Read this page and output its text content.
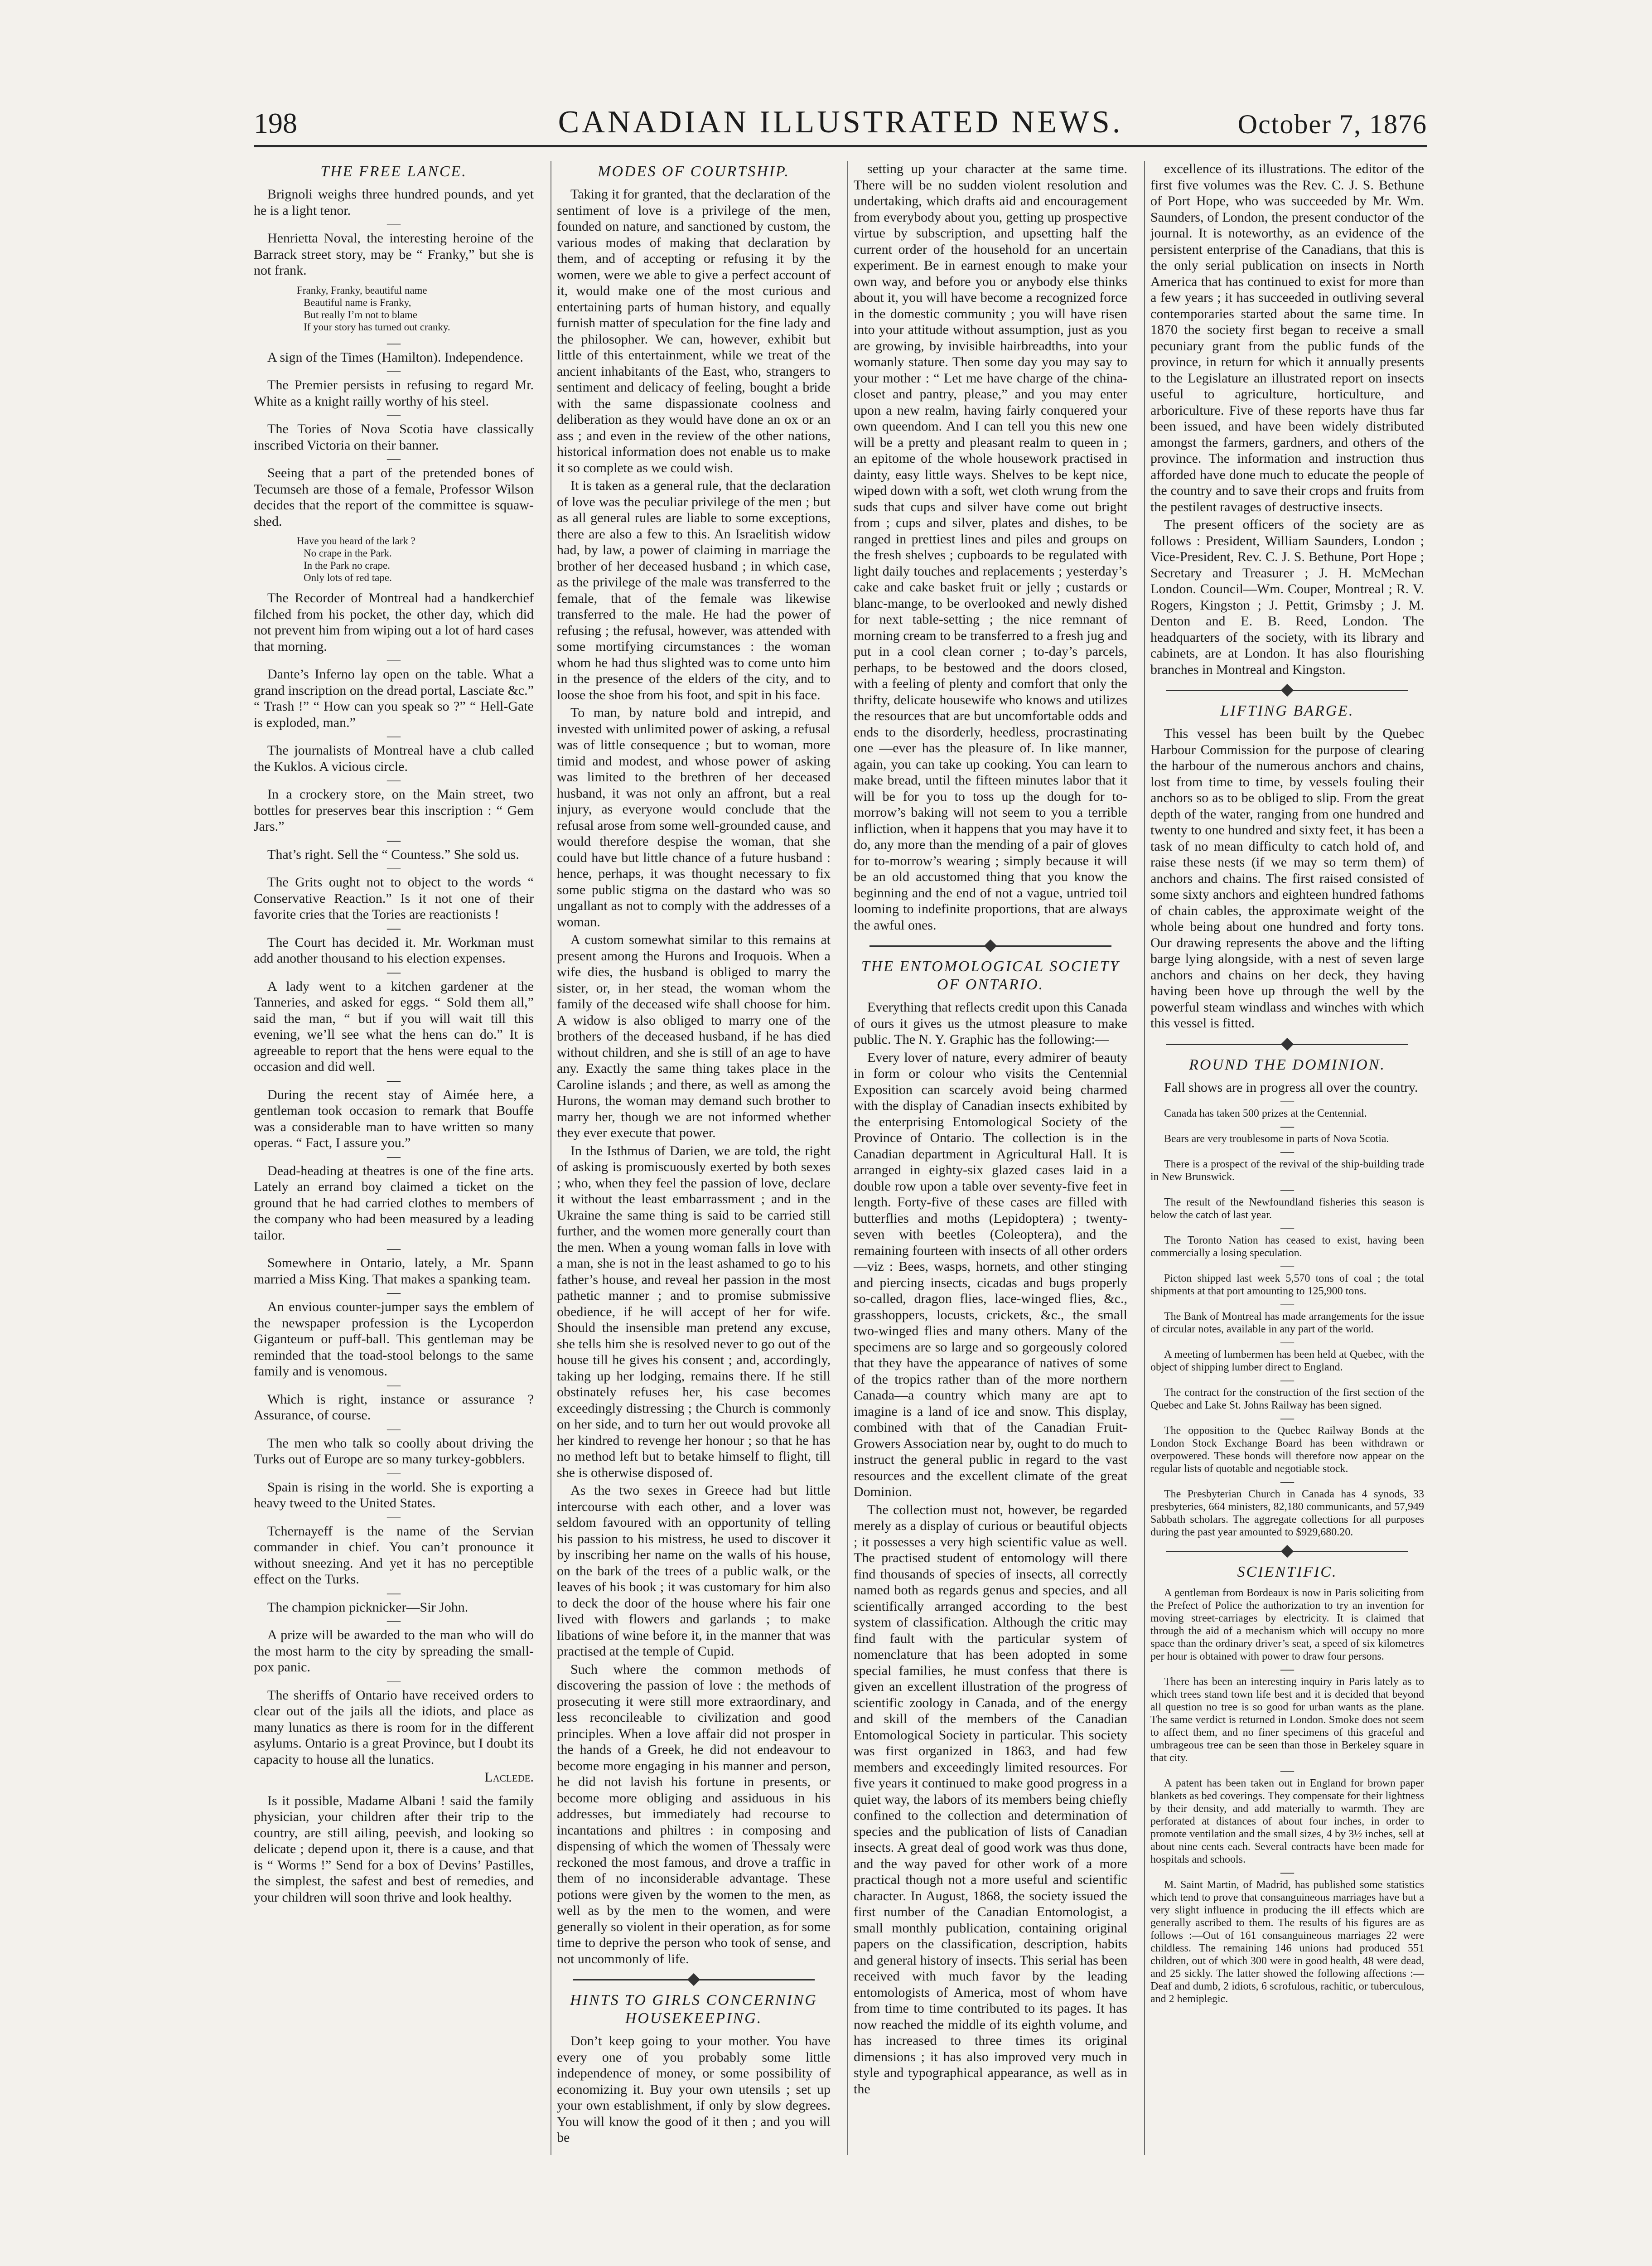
198	CANADIAN ILLUSTRATED NEWS.	October 7, 1876
THE FREE LANCE.

Brignoli weighs three hundred pounds, and yet he is a light tenor.

—

Henrietta Noval, the interesting heroine of the Barrack street story, may be “ Franky,” but she is not frank.

Franky, Franky, beautiful name
Beautiful name is Franky,
But really I’m not to blame
If your story has turned out cranky.
—

A sign of the Times (Hamilton). Independence.

—

The Premier persists in refusing to regard Mr. White as a knight railly worthy of his steel.

—

The Tories of Nova Scotia have classically inscribed Victoria on their banner.

—

Seeing that a part of the pretended bones of Tecumseh are those of a female, Professor Wilson decides that the report of the committee is squaw-shed.

Have you heard of the lark ?
No crape in the Park.
In the Park no crape.
Only lots of red tape.

The Recorder of Montreal had a handkerchief filched from his pocket, the other day, which did not prevent him from wiping out a lot of hard cases that morning.

—

Dante’s Inferno lay open on the table. What a grand inscription on the dread portal, Lasciate &c.” “ Trash !” “ How can you speak so ?” “ Hell-Gate is exploded, man.”

—

The journalists of Montreal have a club called the Kuklos. A vicious circle.

—

In a crockery store, on the Main street, two bottles for preserves bear this inscription : “ Gem Jars.”

—

That’s right. Sell the “ Countess.” She sold us.

—

The Grits ought not to object to the words “ Conservative Reaction.” Is it not one of their favorite cries that the Tories are reactionists !

—

The Court has decided it. Mr. Workman must add another thousand to his election expenses.

—

A lady went to a kitchen gardener at the Tanneries, and asked for eggs. “ Sold them all,” said the man, “ but if you will wait till this evening, we’ll see what the hens can do.” It is agreeable to report that the hens were equal to the occasion and did well.

—

During the recent stay of Aimée here, a gentleman took occasion to remark that Bouffe was a considerable man to have written so many operas. “ Fact, I assure you.”

—

Dead-heading at theatres is one of the fine arts. Lately an errand boy claimed a ticket on the ground that he had carried clothes to members of the company who had been measured by a leading tailor.

—

Somewhere in Ontario, lately, a Mr. Spann married a Miss King. That makes a spanking team.

—

An envious counter-jumper says the emblem of the newspaper profession is the Lycoperdon Giganteum or puff-ball. This gentleman may be reminded that the toad-stool belongs to the same family and is venomous.

—

Which is right, instance or assurance ? Assurance, of course.

—

The men who talk so coolly about driving the Turks out of Europe are so many turkey-gobblers.

—

Spain is rising in the world. She is exporting a heavy tweed to the United States.

—

Tchernayeff is the name of the Servian commander in chief. You can’t pronounce it without sneezing. And yet it has no perceptible effect on the Turks.

—

The champion picknicker—Sir John.

—

A prize will be awarded to the man who will do the most harm to the city by spreading the small-pox panic.

—

The sheriffs of Ontario have received orders to clear out of the jails all the idiots, and place as many lunatics as there is room for in the different asylums. Ontario is a great Province, but I doubt its capacity to house all the lunatics.

Laclede.

Is it possible, Madame Albani ! said the family physician, your children after their trip to the country, are still ailing, peevish, and looking so delicate ; depend upon it, there is a cause, and that is “ Worms !” Send for a box of Devins’ Pastilles, the simplest, the safest and best of remedies, and your children will soon thrive and look healthy.

MODES OF COURTSHIP.

Taking it for granted, that the declaration of the sentiment of love is a privilege of the men, founded on nature, and sanctioned by custom, the various modes of making that declaration by them, and of accepting or refusing it by the women, were we able to give a perfect account of it, would make one of the most curious and entertaining parts of human history, and equally furnish matter of speculation for the fine lady and the philosopher. We can, however, exhibit but little of this entertainment, while we treat of the ancient inhabitants of the East, who, strangers to sentiment and delicacy of feeling, bought a bride with the same dispassionate coolness and deliberation as they would have done an ox or an ass ; and even in the review of the other nations, historical information does not enable us to make it so complete as we could wish.

It is taken as a general rule, that the declaration of love was the peculiar privilege of the men ; but as all general rules are liable to some exceptions, there are also a few to this. An Israelitish widow had, by law, a power of claiming in marriage the brother of her deceased husband ; in which case, as the privilege of the male was transferred to the female, that of the female was likewise transferred to the male. He had the power of refusing ; the refusal, however, was attended with some mortifying circumstances : the woman whom he had thus slighted was to come unto him in the presence of the elders of the city, and to loose the shoe from his foot, and spit in his face.

To man, by nature bold and intrepid, and invested with unlimited power of asking, a refusal was of little consequence ; but to woman, more timid and modest, and whose power of asking was limited to the brethren of her deceased husband, it was not only an affront, but a real injury, as everyone would conclude that the refusal arose from some well-grounded cause, and would therefore despise the woman, that she could have but little chance of a future husband : hence, perhaps, it was thought necessary to fix some public stigma on the dastard who was so ungallant as not to comply with the addresses of a woman.

A custom somewhat similar to this remains at present among the Hurons and Iroquois. When a wife dies, the husband is obliged to marry the sister, or, in her stead, the woman whom the family of the deceased wife shall choose for him. A widow is also obliged to marry one of the brothers of the deceased husband, if he has died without children, and she is still of an age to have any. Exactly the same thing takes place in the Caroline islands ; and there, as well as among the Hurons, the woman may demand such brother to marry her, though we are not informed whether they ever execute that power.

In the Isthmus of Darien, we are told, the right of asking is promiscuously exerted by both sexes ; who, when they feel the passion of love, declare it without the least embarrassment ; and in the Ukraine the same thing is said to be carried still further, and the women more generally court than the men. When a young woman falls in love with a man, she is not in the least ashamed to go to his father’s house, and reveal her passion in the most pathetic manner ; and to promise submissive obedience, if he will accept of her for wife. Should the insensible man pretend any excuse, she tells him she is resolved never to go out of the house till he gives his consent ; and, accordingly, taking up her lodging, remains there. If he still obstinately refuses her, his case becomes exceedingly distressing ; the Church is commonly on her side, and to turn her out would provoke all her kindred to revenge her honour ; so that he has no method left but to betake himself to flight, till she is otherwise disposed of.

As the two sexes in Greece had but little intercourse with each other, and a lover was seldom favoured with an opportunity of telling his passion to his mistress, he used to discover it by inscribing her name on the walls of his house, on the bark of the trees of a public walk, or the leaves of his book ; it was customary for him also to deck the door of the house where his fair one lived with flowers and garlands ; to make libations of wine before it, in the manner that was practised at the temple of Cupid.

Such where the common methods of discovering the passion of love : the methods of prosecuting it were still more extraordinary, and less reconcileable to civilization and good principles. When a love affair did not prosper in the hands of a Greek, he did not endeavour to become more engaging in his manner and person, he did not lavish his fortune in presents, or become more obliging and assiduous in his addresses, but immediately had recourse to incantations and philtres : in composing and dispensing of which the women of Thessaly were reckoned the most famous, and drove a traffic in them of no inconsiderable advantage. These potions were given by the women to the men, as well as by the men to the women, and were generally so violent in their operation, as for some time to deprive the person who took of sense, and not uncommonly of life.

HINTS TO GIRLS CONCERNING HOUSEKEEPING.

Don’t keep going to your mother. You have every one of you probably some little independence of money, or some possibility of economizing it. Buy your own utensils ; set up your own establishment, if only by slow degrees. You will know the good of it then ; and you will be

setting up your character at the same time. There will be no sudden violent resolution and undertaking, which drafts aid and encouragement from everybody about you, getting up prospective virtue by subscription, and upsetting half the current order of the household for an uncertain experiment. Be in earnest enough to make your own way, and before you or anybody else thinks about it, you will have become a recognized force in the domestic community ; you will have risen into your attitude without assumption, just as you are growing, by invisible hairbreadths, into your womanly stature. Then some day you may say to your mother : “ Let me have charge of the china-closet and pantry, please,” and you may enter upon a new realm, having fairly conquered your own queendom. And I can tell you this new one will be a pretty and pleasant realm to queen in ; an epitome of the whole housework practised in dainty, easy little ways. Shelves to be kept nice, wiped down with a soft, wet cloth wrung from the suds that cups and silver have come out bright from ; cups and silver, plates and dishes, to be ranged in prettiest lines and piles and groups on the fresh shelves ; cupboards to be regulated with light daily touches and replacements ; yesterday’s cake and cake basket fruit or jelly ; custards or blanc-mange, to be overlooked and newly dished for next table-setting ; the nice remnant of morning cream to be transferred to a fresh jug and put in a cool clean corner ; to-day’s parcels, perhaps, to be bestowed and the doors closed, with a feeling of plenty and comfort that only the thrifty, delicate housewife who knows and utilizes the resources that are but uncomfortable odds and ends to the disorderly, heedless, procrastinating one —ever has the pleasure of. In like manner, again, you can take up cooking. You can learn to make bread, until the fifteen minutes labor that it will be for you to toss up the dough for to-morrow’s baking will not seem to you a terrible infliction, when it happens that you may have it to do, any more than the mending of a pair of gloves for to-morrow’s wearing ; simply because it will be an old accustomed thing that you know the beginning and the end of not a vague, untried toil looming to indefinite proportions, that are always the awful ones.

THE ENTOMOLOGICAL SOCIETY OF ONTARIO.

Everything that reflects credit upon this Canada of ours it gives us the utmost pleasure to make public. The N. Y. Graphic has the following:—

Every lover of nature, every admirer of beauty in form or colour who visits the Centennial Exposition can scarcely avoid being charmed with the display of Canadian insects exhibited by the enterprising Entomological Society of the Province of Ontario. The collection is in the Canadian department in Agricultural Hall. It is arranged in eighty-six glazed cases laid in a double row upon a table over seventy-five feet in length. Forty-five of these cases are filled with butterflies and moths (Lepidoptera) ; twenty-seven with beetles (Coleoptera), and the remaining fourteen with insects of all other orders —viz : Bees, wasps, hornets, and other stinging and piercing insects, cicadas and bugs properly so-called, dragon flies, lace-winged flies, &c., grasshoppers, locusts, crickets, &c., the small two-winged flies and many others. Many of the specimens are so large and so gorgeously colored that they have the appearance of natives of some of the tropics rather than of the more northern Canada—a country which many are apt to imagine is a land of ice and snow. This display, combined with that of the Canadian Fruit-Growers Association near by, ought to do much to instruct the general public in regard to the vast resources and the excellent climate of the great Dominion.

The collection must not, however, be regarded merely as a display of curious or beautiful objects ; it possesses a very high scientific value as well. The practised student of entomology will there find thousands of species of insects, all correctly named both as regards genus and species, and all scientifically arranged according to the best system of classification. Although the critic may find fault with the particular system of nomenclature that has been adopted in some special families, he must confess that there is given an excellent illustration of the progress of scientific zoology in Canada, and of the energy and skill of the members of the Canadian Entomological Society in particular. This society was first organized in 1863, and had few members and exceedingly limited resources. For five years it continued to make good progress in a quiet way, the labors of its members being chiefly confined to the collection and determination of species and the publication of lists of Canadian insects. A great deal of good work was thus done, and the way paved for other work of a more practical though not a more useful and scientific character. In August, 1868, the society issued the first number of the Canadian Entomologist, a small monthly publication, containing original papers on the classification, description, habits and general history of insects. This serial has been received with much favor by the leading entomologists of America, most of whom have from time to time contributed to its pages. It has now reached the middle of its eighth volume, and has increased to three times its original dimensions ; it has also improved very much in style and typographical appearance, as well as in the

excellence of its illustrations. The editor of the first five volumes was the Rev. C. J. S. Bethune of Port Hope, who was succeeded by Mr. Wm. Saunders, of London, the present conductor of the journal. It is noteworthy, as an evidence of the persistent enterprise of the Canadians, that this is the only serial publication on insects in North America that has continued to exist for more than a few years ; it has succeeded in outliving several contemporaries started about the same time. In 1870 the society first began to receive a small pecuniary grant from the public funds of the province, in return for which it annually presents to the Legislature an illustrated report on insects useful to agriculture, horticulture, and arboriculture. Five of these reports have thus far been issued, and have been widely distributed amongst the farmers, gardners, and others of the province. The information and instruction thus afforded have done much to educate the people of the country and to save their crops and fruits from the pestilent ravages of destructive insects.

The present officers of the society are as follows : President, William Saunders, London ; Vice-President, Rev. C. J. S. Bethune, Port Hope ; Secretary and Treasurer ; J. H. McMechan London. Council—Wm. Couper, Montreal ; R. V. Rogers, Kingston ; J. Pettit, Grimsby ; J. M. Denton and E. B. Reed, London. The headquarters of the society, with its library and cabinets, are at London. It has also flourishing branches in Montreal and Kingston.

LIFTING BARGE.

This vessel has been built by the Quebec Harbour Commission for the purpose of clearing the harbour of the numerous anchors and chains, lost from time to time, by vessels fouling their anchors so as to be obliged to slip. From the great depth of the water, ranging from one hundred and twenty to one hundred and sixty feet, it has been a task of no mean difficulty to catch hold of, and raise these nests (if we may so term them) of anchors and chains. The first raised consisted of some sixty anchors and eighteen hundred fathoms of chain cables, the approximate weight of the whole being about one hundred and forty tons. Our drawing represents the above and the lifting barge lying alongside, with a nest of seven large anchors and chains on her deck, they having having been hove up through the well by the powerful steam windlass and winches with which this vessel is fitted.

ROUND THE DOMINION.

Fall shows are in progress all over the country.

—

Canada has taken 500 prizes at the Centennial.

—

Bears are very troublesome in parts of Nova Scotia.

—

There is a prospect of the revival of the ship-building trade in New Brunswick.

—

The result of the Newfoundland fisheries this season is below the catch of last year.

—

The Toronto Nation has ceased to exist, having been commercially a losing speculation.

—

Picton shipped last week 5,570 tons of coal ; the total shipments at that port amounting to 125,900 tons.

—

The Bank of Montreal has made arrangements for the issue of circular notes, available in any part of the world.

—

A meeting of lumbermen has been held at Quebec, with the object of shipping lumber direct to England.

—

The contract for the construction of the first section of the Quebec and Lake St. Johns Railway has been signed.

—

The opposition to the Quebec Railway Bonds at the London Stock Exchange Board has been withdrawn or overpowered. These bonds will therefore now appear on the regular lists of quotable and negotiable stock.

—

The Presbyterian Church in Canada has 4 synods, 33 presbyteries, 664 ministers, 82,180 communicants, and 57,949 Sabbath scholars. The aggregate collections for all purposes during the past year amounted to $929,680.20.

SCIENTIFIC.

A gentleman from Bordeaux is now in Paris soliciting from the Prefect of Police the authorization to try an invention for moving street-carriages by electricity. It is claimed that through the aid of a mechanism which will occupy no more space than the ordinary driver’s seat, a speed of six kilometres per hour is obtained with power to draw four persons.

—

There has been an interesting inquiry in Paris lately as to which trees stand town life best and it is decided that beyond all question no tree is so good for urban wants as the plane. The same verdict is returned in London. Smoke does not seem to affect them, and no finer specimens of this graceful and umbrageous tree can be seen than those in Berkeley square in that city.

—

A patent has been taken out in England for brown paper blankets as bed coverings. They compensate for their lightness by their density, and add materially to warmth. They are perforated at distances of about four inches, in order to promote ventilation and the small sizes, 4 by 3½ inches, sell at about nine cents each. Several contracts have been made for hospitals and schools.

—

M. Saint Martin, of Madrid, has published some statistics which tend to prove that consanguineous marriages have but a very slight influence in producing the ill effects which are generally ascribed to them. The results of his figures are as follows :—Out of 161 consanguineous marriages 22 were childless. The remaining 146 unions had produced 551 children, out of which 300 were in good health, 48 were dead, and 25 sickly. The latter showed the following affections :—Deaf and dumb, 2 idiots, 6 scrofulous, rachitic, or tuberculous, and 2 hemiplegic.
